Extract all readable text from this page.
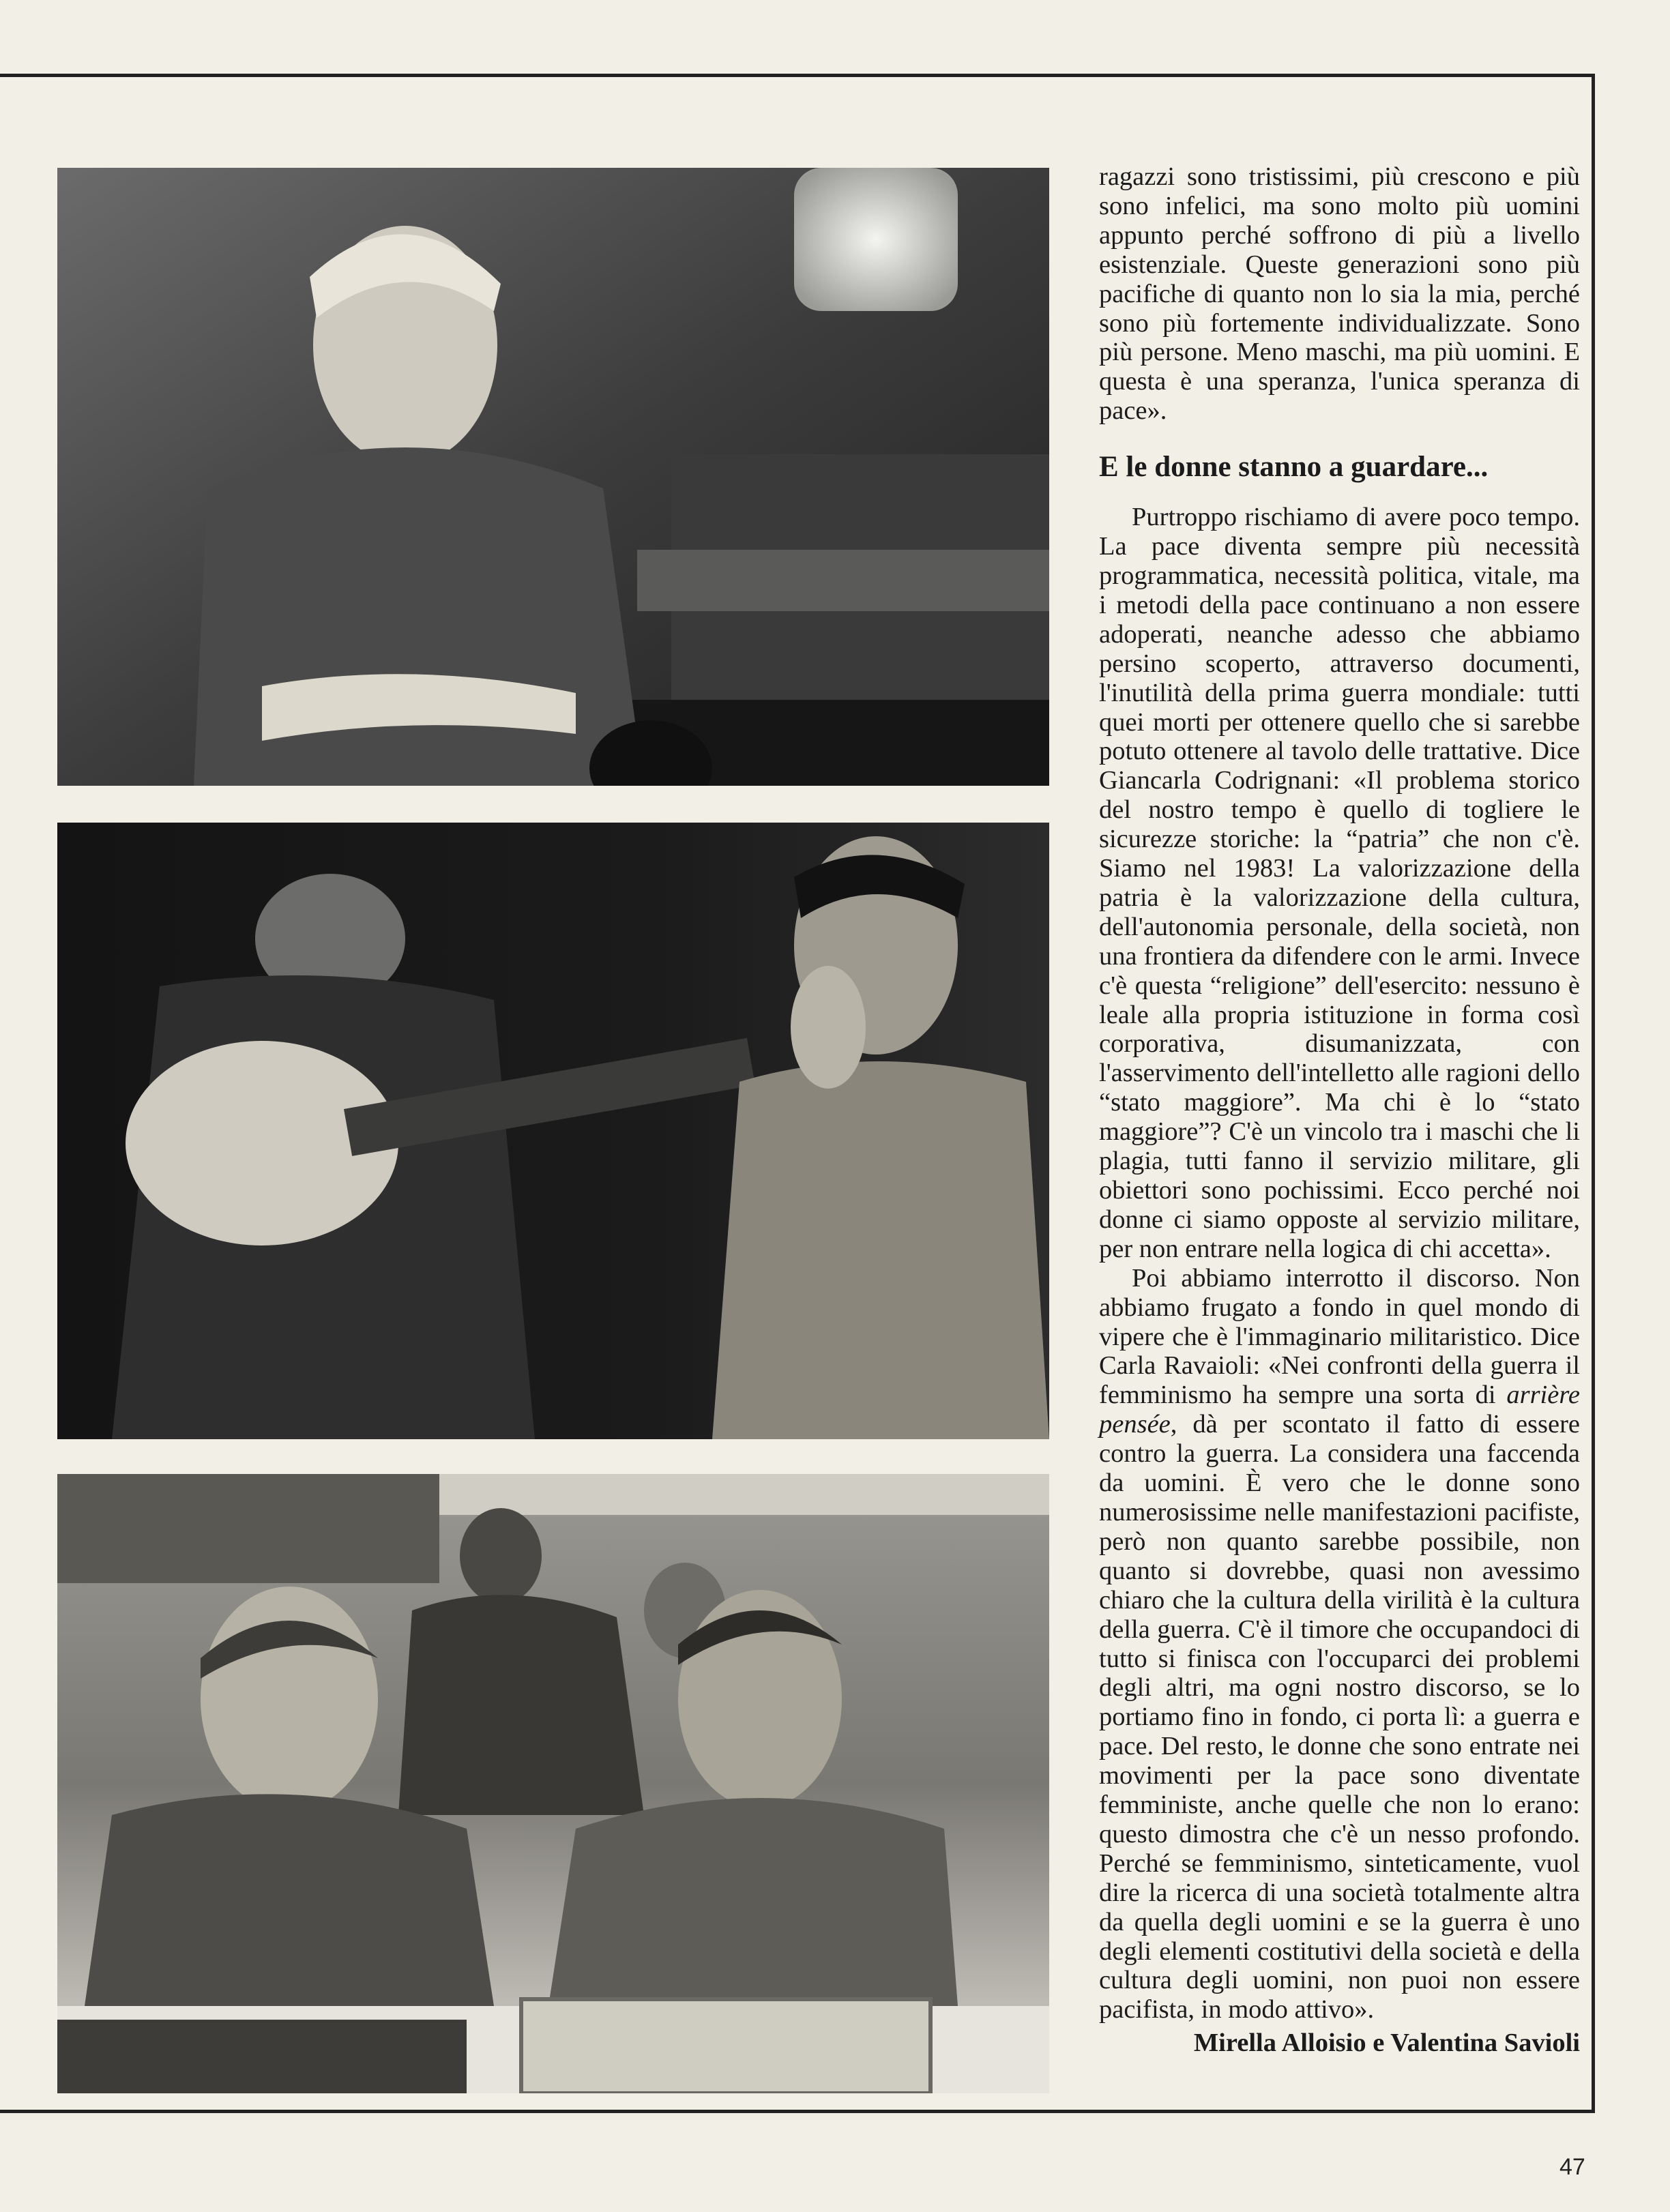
ragazzi sono tristissimi, più crescono e più sono infelici, ma sono molto più uomini appunto perché soffrono di più a livello esistenziale. Queste generazioni sono più pacifiche di quanto non lo sia la mia, perché sono più fortemente individualizzate. Sono più persone. Meno maschi, ma più uomini. E questa è una speranza, l'unica speranza di pace».

E le donne stanno a guardare...

Purtroppo rischiamo di avere poco tempo. La pace diventa sempre più necessità programmatica, necessità politica, vitale, ma i metodi della pace continuano a non essere adoperati, neanche adesso che abbiamo persino scoperto, attraverso documenti, l'inutilità della prima guerra mondiale: tutti quei morti per ottenere quello che si sarebbe potuto ottenere al tavolo delle trattative. Dice Giancarla Codrignani: «Il problema storico del nostro tempo è quello di togliere le sicurezze storiche: la “patria” che non c'è. Siamo nel 1983! La valorizzazione della patria è la valorizzazione della cultura, dell'autonomia personale, della società, non una frontiera da difendere con le armi. Invece c'è questa “religione” dell'esercito: nessuno è leale alla propria istituzione in forma così corporativa, disumanizzata, con l'asservimento dell'intelletto alle ragioni dello “stato maggiore”. Ma chi è lo “stato maggiore”? C'è un vincolo tra i maschi che li plagia, tutti fanno il servizio militare, gli obiettori sono pochissimi. Ecco perché noi donne ci siamo opposte al servizio militare, per non entrare nella logica di chi accetta».

Poi abbiamo interrotto il discorso. Non abbiamo frugato a fondo in quel mondo di vipere che è l'immaginario militaristico. Dice Carla Ravaioli: «Nei confronti della guerra il femminismo ha sempre una sorta di arrière pensée, dà per scontato il fatto di essere contro la guerra. La considera una faccenda da uomini. È vero che le donne sono numerosissime nelle manifestazioni pacifiste, però non quanto sarebbe possibile, non quanto si dovrebbe, quasi non avessimo chiaro che la cultura della virilità è la cultura della guerra. C'è il timore che occupandoci di tutto si finisca con l'occuparci dei problemi degli altri, ma ogni nostro discorso, se lo portiamo fino in fondo, ci porta lì: a guerra e pace. Del resto, le donne che sono entrate nei movimenti per la pace sono diventate femministe, anche quelle che non lo erano: questo dimostra che c'è un nesso profondo. Perché se femminismo, sinteticamente, vuol dire la ricerca di una società totalmente altra da quella degli uomini e se la guerra è uno degli elementi costitutivi della società e della cultura degli uomini, non puoi non essere pacifista, in modo attivo».

Mirella Alloisio e Valentina Savioli

47
